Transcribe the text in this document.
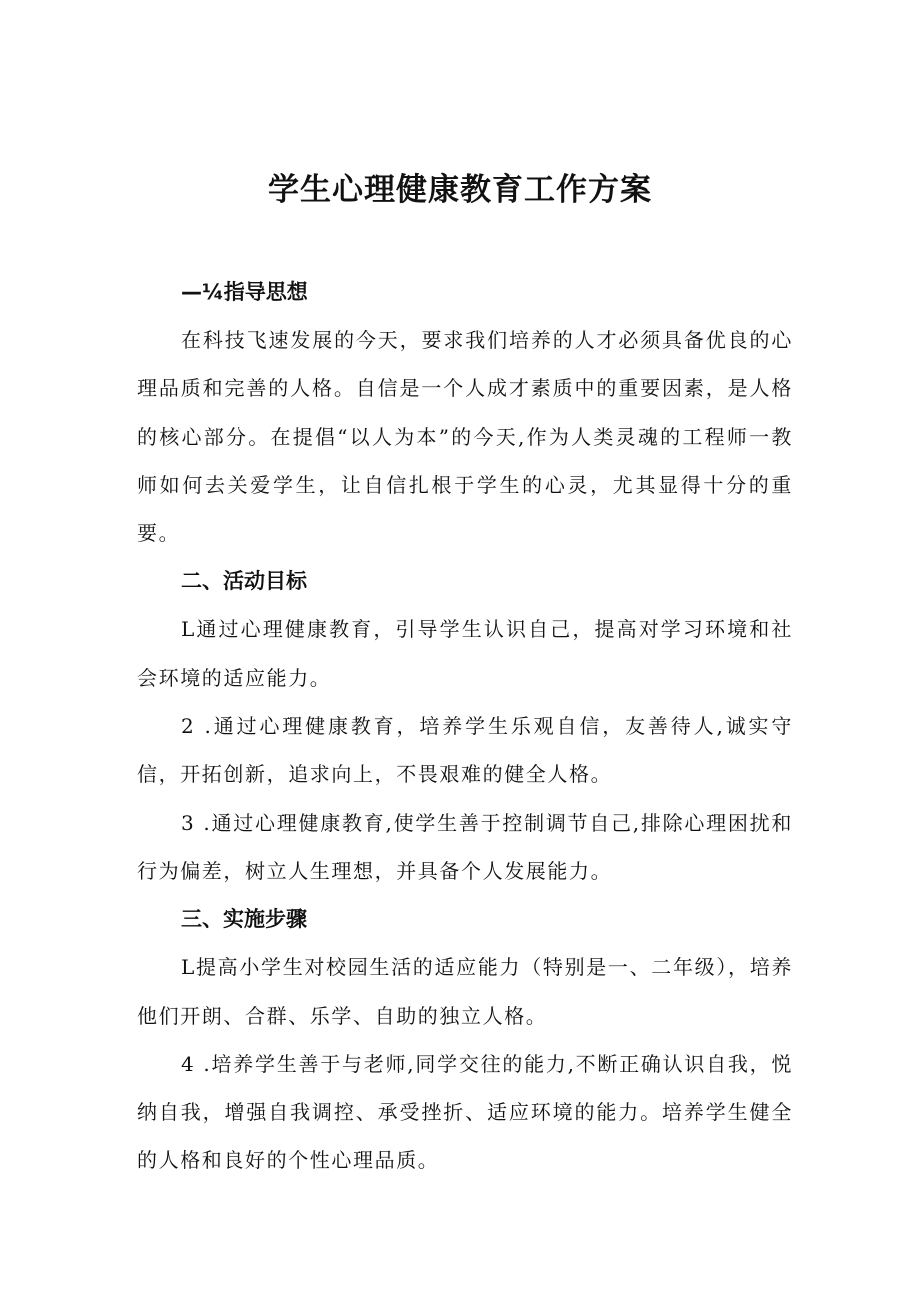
学生心理健康教育工作方案

—¼指导思想

在科技飞速发展的今天，要求我们培养的人才必须具备优良的心理品质和完善的人格。自信是一个人成才素质中的重要因素，是人格的核心部分。在提倡“以人为本”的今天,作为人类灵魂的工程师一教师如何去关爱学生，让自信扎根于学生的心灵，尤其显得十分的重要。

二、活动目标

L通过心理健康教育，引导学生认识自己，提高对学习环境和社会环境的适应能力。

2 .通过心理健康教育，培养学生乐观自信，友善待人,诚实守信，开拓创新，追求向上，不畏艰难的健全人格。

3 .通过心理健康教育,使学生善于控制调节自己,排除心理困扰和行为偏差，树立人生理想，并具备个人发展能力。

三、实施步骤

L提高小学生对校园生活的适应能力（特别是一、二年级），培养他们开朗、合群、乐学、自助的独立人格。

4 .培养学生善于与老师,同学交往的能力,不断正确认识自我，悦纳自我，增强自我调控、承受挫折、适应环境的能力。培养学生健全的人格和良好的个性心理品质。
